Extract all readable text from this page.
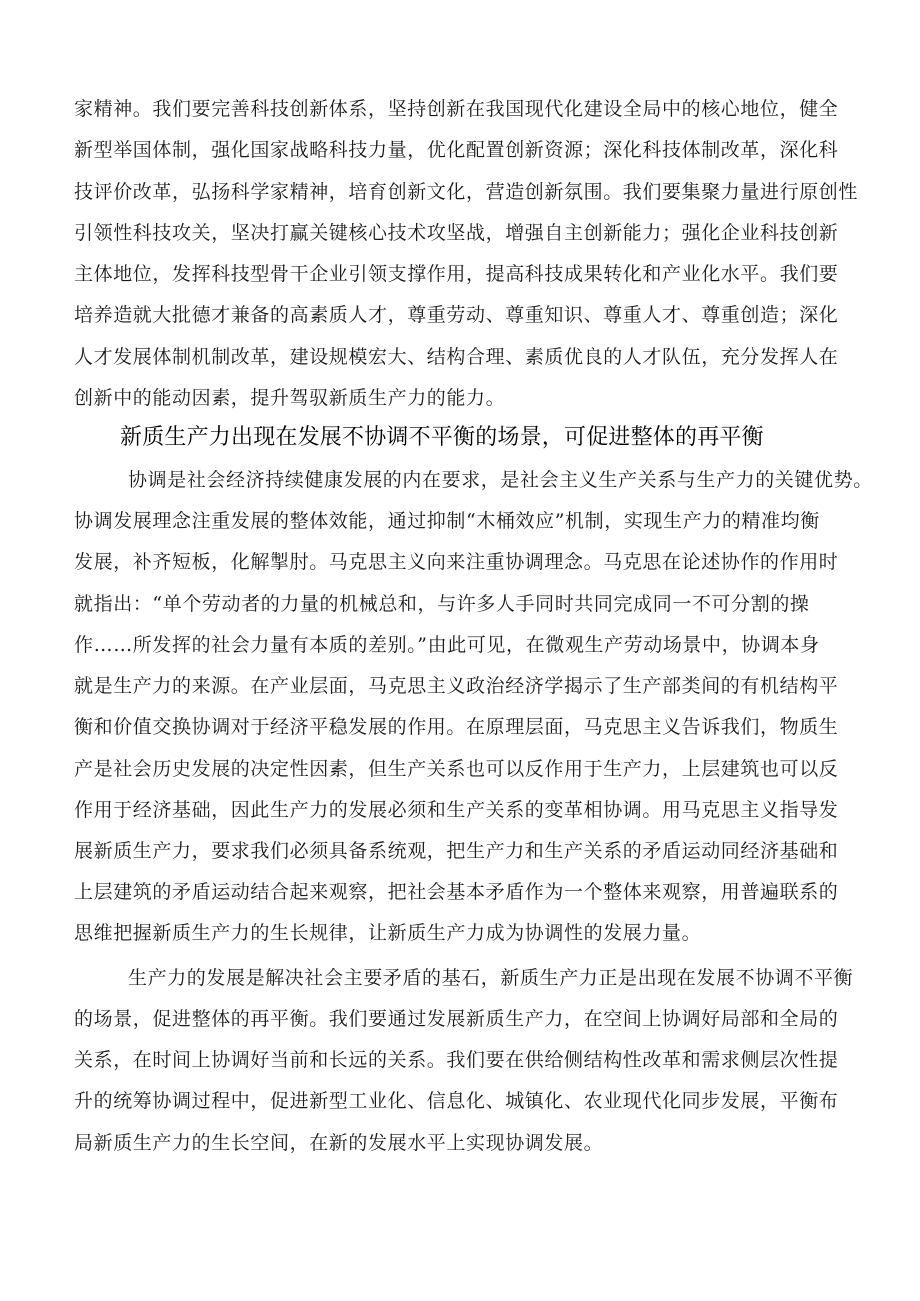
家精神。我们要完善科技创新体系，坚持创新在我国现代化建设全局中的核心地位，健全
新型举国体制，强化国家战略科技力量，优化配置创新资源；深化科技体制改革，深化科
技评价改革，弘扬科学家精神，培育创新文化，营造创新氛围。我们要集聚力量进行原创性
引领性科技攻关，坚决打赢关键核心技术攻坚战，增强自主创新能力；强化企业科技创新
主体地位，发挥科技型骨干企业引领支撑作用，提高科技成果转化和产业化水平。我们要
培养造就大批德才兼备的高素质人才，尊重劳动、尊重知识、尊重人才、尊重创造；深化
人才发展体制机制改革，建设规模宏大、结构合理、素质优良的人才队伍，充分发挥人在
创新中的能动因素，提升驾驭新质生产力的能力。
新质生产力出现在发展不协调不平衡的场景，可促进整体的再平衡
协调是社会经济持续健康发展的内在要求，是社会主义生产关系与生产力的关键优势。
协调发展理念注重发展的整体效能，通过抑制“木桶效应”机制，实现生产力的精准均衡
发展，补齐短板，化解掣肘。马克思主义向来注重协调理念。马克思在论述协作的作用时
就指出：“单个劳动者的力量的机械总和，与许多人手同时共同完成同一不可分割的操
作……所发挥的社会力量有本质的差别。”由此可见，在微观生产劳动场景中，协调本身
就是生产力的来源。在产业层面，马克思主义政治经济学揭示了生产部类间的有机结构平
衡和价值交换协调对于经济平稳发展的作用。在原理层面，马克思主义告诉我们，物质生
产是社会历史发展的决定性因素，但生产关系也可以反作用于生产力，上层建筑也可以反
作用于经济基础，因此生产力的发展必须和生产关系的变革相协调。用马克思主义指导发
展新质生产力，要求我们必须具备系统观，把生产力和生产关系的矛盾运动同经济基础和
上层建筑的矛盾运动结合起来观察，把社会基本矛盾作为一个整体来观察，用普遍联系的
思维把握新质生产力的生长规律，让新质生产力成为协调性的发展力量。
生产力的发展是解决社会主要矛盾的基石，新质生产力正是出现在发展不协调不平衡
的场景，促进整体的再平衡。我们要通过发展新质生产力，在空间上协调好局部和全局的
关系，在时间上协调好当前和长远的关系。我们要在供给侧结构性改革和需求侧层次性提
升的统筹协调过程中，促进新型工业化、信息化、城镇化、农业现代化同步发展，平衡布
局新质生产力的生长空间，在新的发展水平上实现协调发展。
